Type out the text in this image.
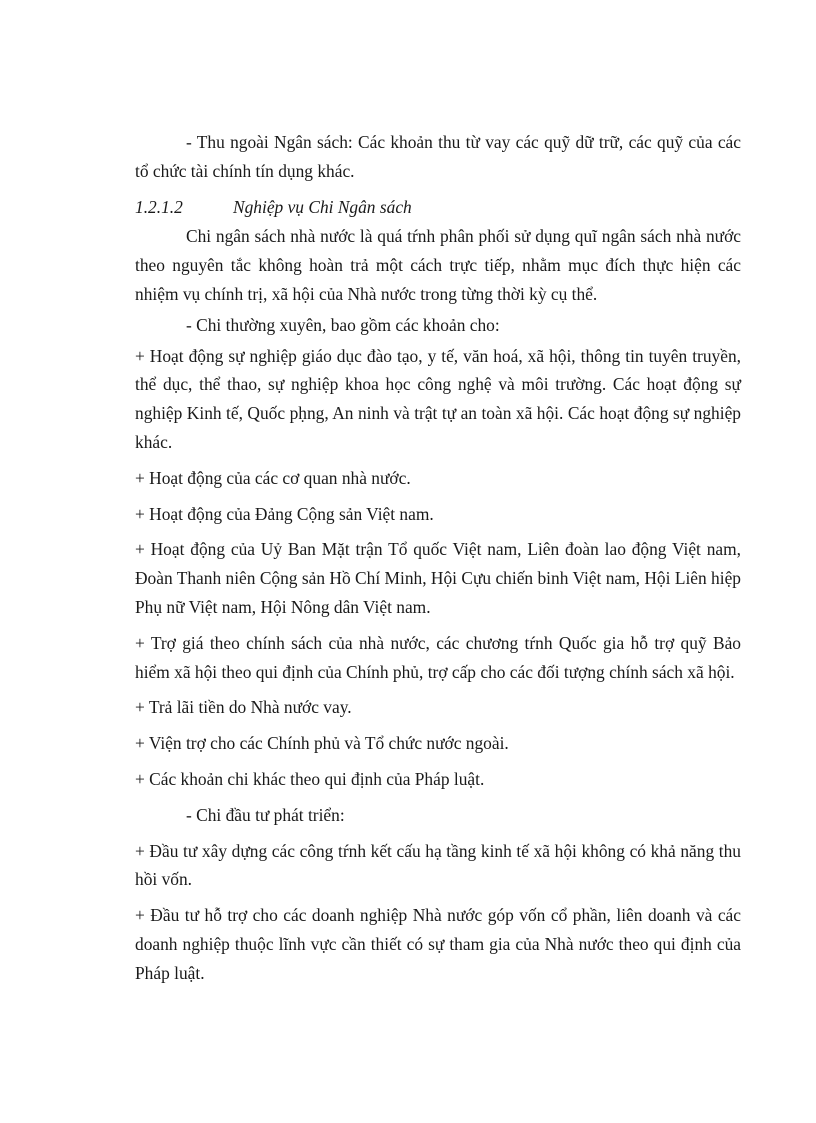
- Thu ngoài Ngân sách: Các khoản thu từ vay các quỹ dữ trữ, các quỹ của các tổ chức tài chính tín dụng khác.

1.2.1.2	Nghiệp vụ Chi Ngân sách

Chi ngân sách nhà nước là quá tŕnh phân phối sử dụng quĩ ngân sách nhà nước theo nguyên tắc không hoàn trả một cách trực tiếp, nhằm mục đích thực hiện các nhiệm vụ chính trị, xã hội của Nhà nước trong từng thời kỳ cụ thể.

- Chi thường xuyên, bao gồm các khoản cho:

+ Hoạt động sự nghiệp giáo dục đào tạo, y tế, văn hoá, xã hội, thông tin tuyên truyền, thể dục, thể thao, sự nghiệp khoa học công nghệ và môi trường. Các hoạt động sự nghiệp Kinh tế, Quốc pḥng, An ninh và trật tự an toàn xã hội. Các hoạt động sự nghiệp khác.

+ Hoạt động của các cơ quan nhà nước.

+ Hoạt động của Đảng Cộng sản Việt nam.

+ Hoạt động của Uỷ Ban Mặt trận Tổ quốc Việt nam, Liên đoàn lao động Việt nam, Đoàn Thanh niên Cộng sản Hồ Chí Minh, Hội Cựu chiến binh Việt nam, Hội Liên hiệp Phụ nữ Việt nam, Hội Nông dân Việt nam.

+ Trợ giá theo chính sách của nhà nước, các chương tŕnh Quốc gia hỗ trợ quỹ Bảo hiểm xã hội theo qui định của Chính phủ, trợ cấp cho các đối tượng chính sách xã hội.

+ Trả lãi tiền do Nhà nước vay.

+ Viện trợ cho các Chính phủ và Tổ chức nước ngoài.

+ Các khoản chi khác theo qui định của Pháp luật.

- Chi đầu tư phát triển:

+ Đầu tư xây dựng các công tŕnh kết cấu hạ tầng kinh tế xã hội không có khả năng thu hồi vốn.

+ Đầu tư hỗ trợ cho các doanh nghiệp Nhà nước góp vốn cổ phần, liên doanh và các doanh nghiệp thuộc lĩnh vực cần thiết có sự tham gia của Nhà nước theo qui định của Pháp luật.
